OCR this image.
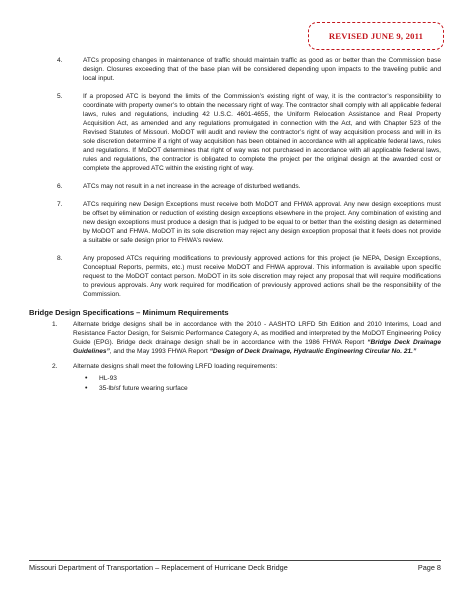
REVISED JUNE 9, 2011
4.	ATCs proposing changes in maintenance of traffic should maintain traffic as good as or better than the Commission base design. Closures exceeding that of the base plan will be considered depending upon impacts to the traveling public and local input.
5.	If a proposed ATC is beyond the limits of the Commission’s existing right of way, it is the contractor’s responsibility to coordinate with property owner’s to obtain the necessary right of way. The contractor shall comply with all applicable federal laws, rules and regulations, including 42 U.S.C. 4601-4655, the Uniform Relocation Assistance and Real Property Acquisition Act, as amended and any regulations promulgated in connection with the Act, and with Chapter 523 of the Revised Statutes of Missouri. MoDOT will audit and review the contractor’s right of way acquisition process and will in its sole discretion determine if a right of way acquisition has been obtained in accordance with all applicable federal laws, rules and regulations. If MoDOT determines that right of way was not purchased in accordance with all applicable federal laws, rules and regulations, the contractor is obligated to complete the project per the original design at the awarded cost or complete the approved ATC within the existing right of way.
6.	ATCs may not result in a net increase in the acreage of disturbed wetlands.
7.	ATCs requiring new Design Exceptions must receive both MoDOT and FHWA approval. Any new design exceptions must be offset by elimination or reduction of existing design exceptions elsewhere in the project. Any combination of existing and new design exceptions must produce a design that is judged to be equal to or better than the existing design as determined by MoDOT and FHWA. MoDOT in its sole discretion may reject any design exception proposal that it feels does not provide a suitable or safe design prior to FHWA’s review.
8.	Any proposed ATCs requiring modifications to previously approved actions for this project (ie NEPA, Design Exceptions, Conceptual Reports, permits, etc.) must receive MoDOT and FHWA approval. This information is available upon specific request to the MoDOT contact person. MoDOT in its sole discretion may reject any proposal that will require modifications to previous approvals. Any work required for modification of previously approved actions shall be the responsibility of the Commission.
Bridge Design Specifications – Minimum Requirements
1. Alternate bridge designs shall be in accordance with the 2010 - AASHTO LRFD 5th Edition and 2010 Interims, Load and Resistance Factor Design, for Seismic Performance Category A, as modified and interpreted by the MoDOT Engineering Policy Guide (EPG). Bridge deck drainage design shall be in accordance with the 1986 FHWA Report “Bridge Deck Drainage Guidelines”, and the May 1993 FHWA Report “Design of Deck Drainage, Hydraulic Engineering Circular No. 21.”
2. Alternate designs shall meet the following LRFD loading requirements:
• HL-93
• 35-lb/sf future wearing surface
Missouri Department of Transportation – Replacement of Hurricane Deck Bridge	Page 8
